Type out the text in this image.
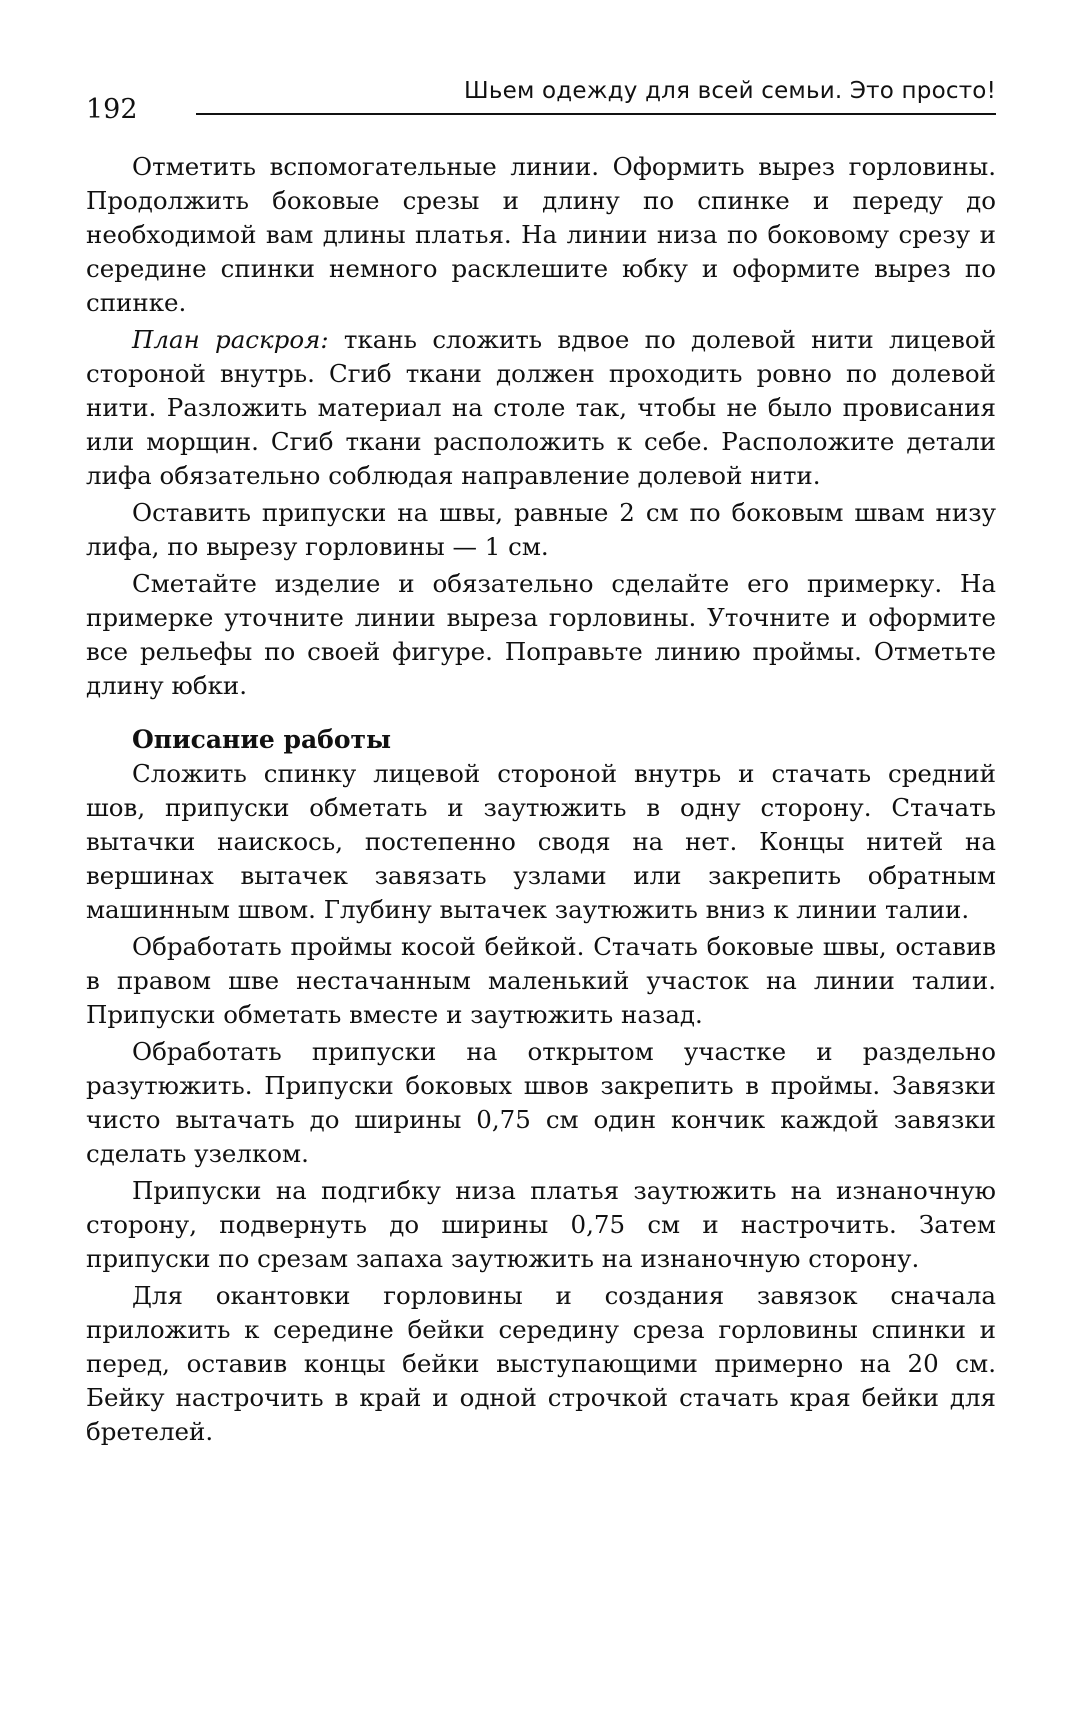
192
Шьем одежду для всей семьи. Это просто!

Отметить вспомогательные линии. Оформить вырез горловины. Продолжить боковые срезы и длину по спинке и переду до необходимой вам длины платья. На линии низа по боковому срезу и середине спинки немного расклешите юбку и оформите вырез по спинке.

План раскроя: ткань сложить вдвое по долевой нити лицевой стороной внутрь. Сгиб ткани должен проходить ровно по долевой нити. Разложить материал на столе так, чтобы не было провисания или морщин. Сгиб ткани расположить к себе. Расположите детали лифа обязательно соблюдая направление долевой нити.

Оставить припуски на швы, равные 2 см по боковым швам низу лифа, по вырезу горловины — 1 см.

Сметайте изделие и обязательно сделайте его примерку. На примерке уточните линии выреза горловины. Уточните и оформите все рельефы по своей фигуре. Поправьте линию проймы. Отметьте длину юбки.

Описание работы

Сложить спинку лицевой стороной внутрь и стачать средний шов, припуски обметать и заутюжить в одну сторону. Стачать вытачки наискось, постепенно сводя на нет. Концы нитей на вершинах вытачек завязать узлами или закрепить обратным машинным швом. Глубину вытачек заутюжить вниз к линии талии.

Обработать проймы косой бейкой. Стачать боковые швы, оставив в правом шве нестачанным маленький участок на линии талии. Припуски обметать вместе и заутюжить назад.

Обработать припуски на открытом участке и раздельно разутюжить. Припуски боковых швов закрепить в проймы. Завязки чисто вытачать до ширины 0,75 см один кончик каждой завязки сделать узелком.

Припуски на подгибку низа платья заутюжить на изнаночную сторону, подвернуть до ширины 0,75 см и настрочить. Затем припуски по срезам запаха заутюжить на изнаночную сторону.

Для окантовки горловины и создания завязок сначала приложить к середине бейки середину среза горловины спинки и перед, оставив концы бейки выступающими примерно на 20 см. Бейку настрочить в край и одной строчкой стачать края бейки для бретелей.
